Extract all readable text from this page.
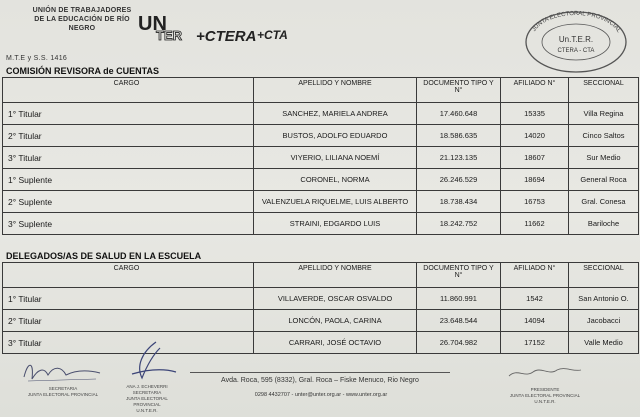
UNIÓN DE TRABAJADORES
DE LA EDUCACIÓN DE RÍO NEGRO	UN
TER +CTERA +CTA
M.T.E y S.S. 1416
JUNTA ELECTORAL PROVINCIAL
Un.T.E.R.
CTERA - CTA
COMISIÓN REVISORA de CUENTAS
CARGO	APELLIDO Y NOMBRE	DOCUMENTO TIPO Y N°	AFILIADO N°	SECCIONAL
1° Titular	SANCHEZ, MARIELA ANDREA	17.460.648	15335	Villa Regina
2° Titular	BUSTOS, ADOLFO EDUARDO	18.586.635	14020	Cinco Saltos
3° Titular	VIYERIO, LILIANA NOEMÍ	21.123.135	18607	Sur Medio
1° Suplente	CORONEL, NORMA	26.246.529	18694	General Roca
2° Suplente	VALENZUELA RIQUELME, LUIS ALBERTO	18.738.434	16753	Gral. Conesa
3° Suplente	STRAINI, EDGARDO LUIS	18.242.752	11662	Bariloche
DELEGADOS/AS DE SALUD EN LA ESCUELA
CARGO	APELLIDO Y NOMBRE	DOCUMENTO TIPO Y N°	AFILIADO N°	SECCIONAL
1° Titular	VILLAVERDE, OSCAR OSVALDO	11.860.991	1542	San Antonio O.
2° Titular	LONCÓN, PAOLA, CARINA	23.648.544	14094	Jacobacci
3° Titular	CARRARI, JOSÉ OCTAVIO	26.704.982	17152	Valle Medio
SECRETARIA
JUNTA ELECTORAL PROVINCIAL
ANA J. ECHEVERRI
SECRETARIA
JUNTA ELECTORAL PROVINCIAL
U.N.T.E.R.
Avda. Roca, 595 (8332), Gral. Roca – Fiske Menuco, Rio Negro
0298 4432707 - unter@unter.org.ar - www.unter.org.ar
PRESIDENTE
JUNTA ELECTORAL PROVINCIAL
U.N.T.E.R.
